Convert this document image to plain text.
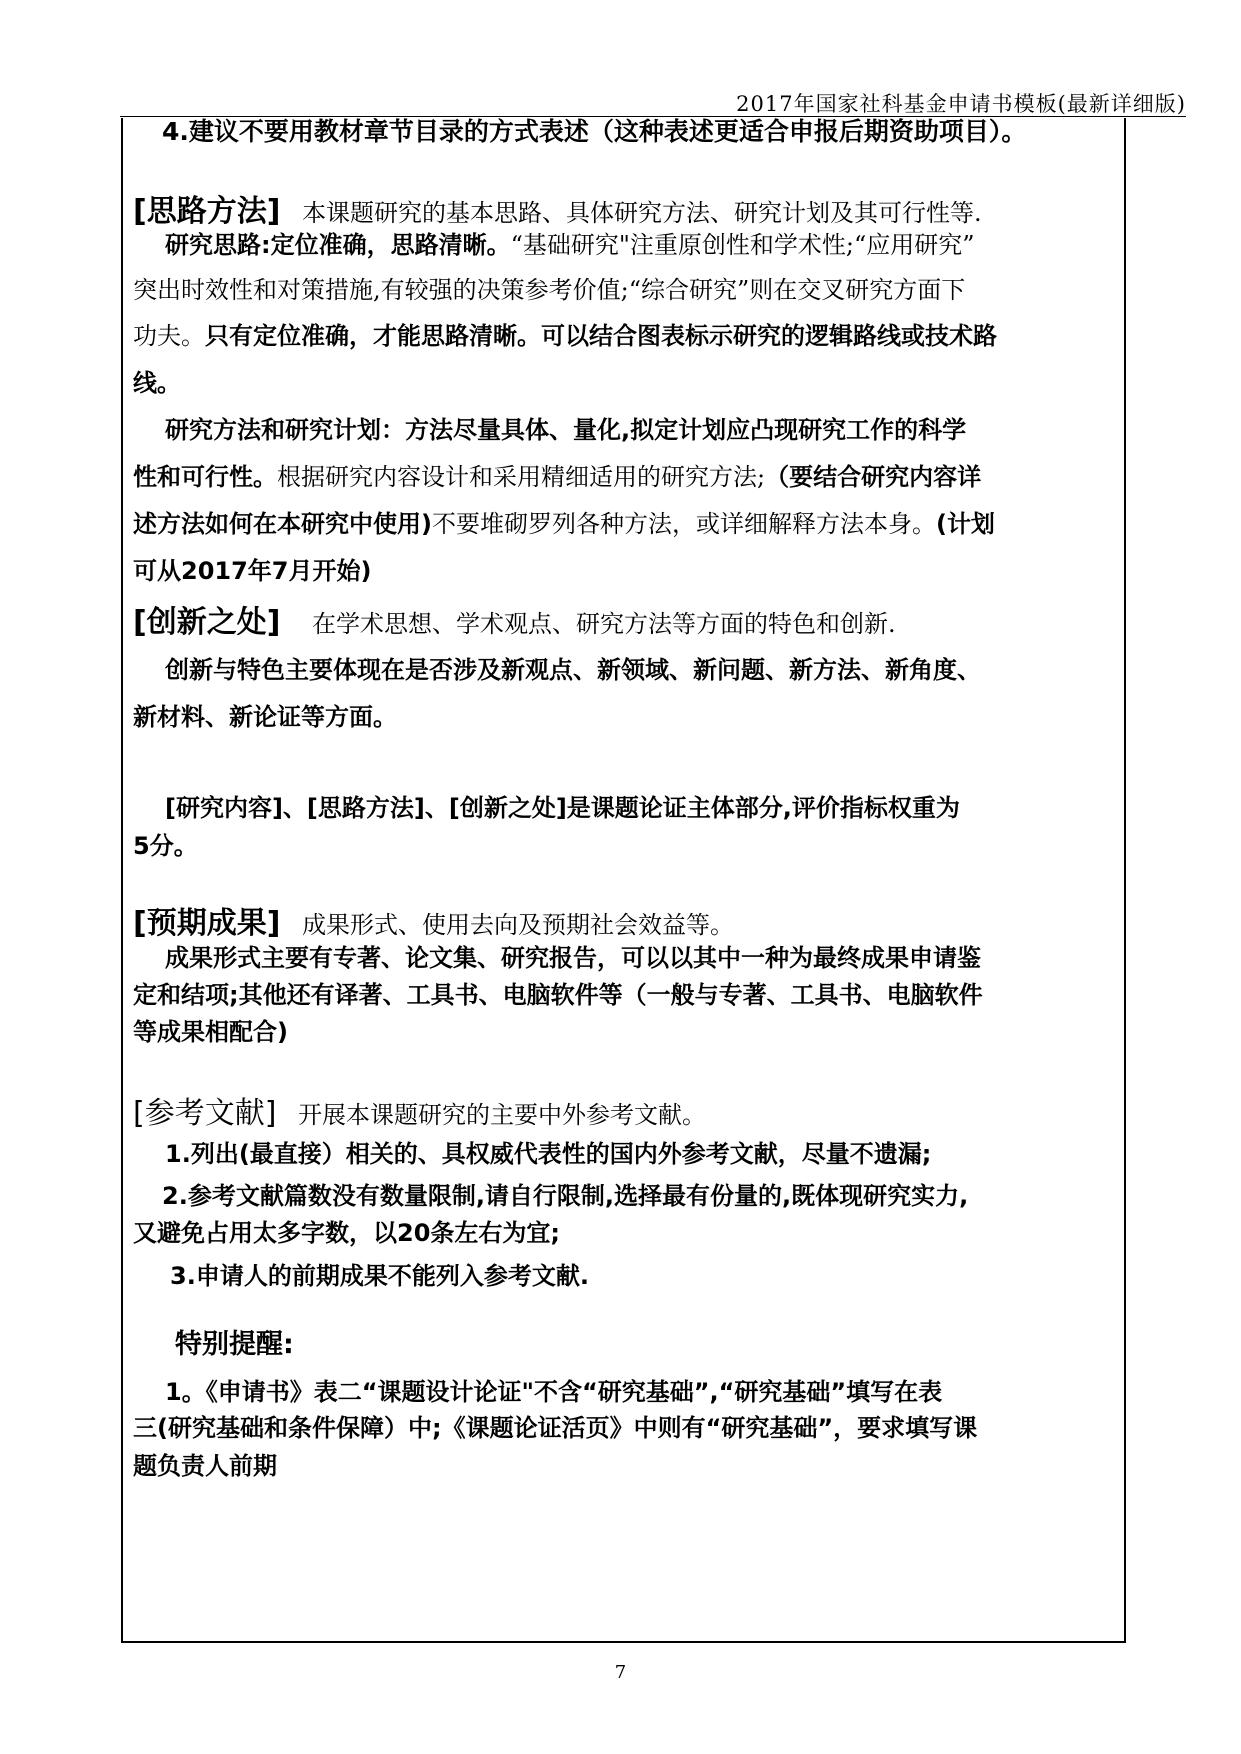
2017年国家社科基金申请书模板(最新详细版)
4.建议不要用教材章节目录的方式表述（这种表述更适合申报后期资助项目）。
[思路方法] 本课题研究的基本思路、具体研究方法、研究计划及其可行性等.
研究思路:定位准确，思路清晰。“基础研究"注重原创性和学术性;“应用研究”
突出时效性和对策措施,有较强的决策参考价值;“综合研究”则在交叉研究方面下
功夫。只有定位准确，才能思路清晰。可以结合图表标示研究的逻辑路线或技术路
线。
研究方法和研究计划：方法尽量具体、量化,拟定计划应凸现研究工作的科学
性和可行性。根据研究内容设计和采用精细适用的研究方法;（要结合研究内容详
述方法如何在本研究中使用)不要堆砌罗列各种方法，或详细解释方法本身。(计划
可从2017年7月开始)
[创新之处] 在学术思想、学术观点、研究方法等方面的特色和创新.
创新与特色主要体现在是否涉及新观点、新领域、新问题、新方法、新角度、
新材料、新论证等方面。
[研究内容]、[思路方法]、[创新之处]是课题论证主体部分,评价指标权重为
5分。
[预期成果] 成果形式、使用去向及预期社会效益等。
成果形式主要有专著、论文集、研究报告，可以以其中一种为最终成果申请鉴
定和结项;其他还有译著、工具书、电脑软件等（一般与专著、工具书、电脑软件
等成果相配合)
[参考文献] 开展本课题研究的主要中外参考文献。
1.列出(最直接）相关的、具权威代表性的国内外参考文献，尽量不遗漏;
2.参考文献篇数没有数量限制,请自行限制,选择最有份量的,既体现研究实力,
又避免占用太多字数，以20条左右为宜;
3.申请人的前期成果不能列入参考文献.
特别提醒:
1。《申请书》表二“课题设计论证"不含“研究基础”,“研究基础”填写在表
三(研究基础和条件保障）中;《课题论证活页》中则有“研究基础”，要求填写课
题负责人前期
7
